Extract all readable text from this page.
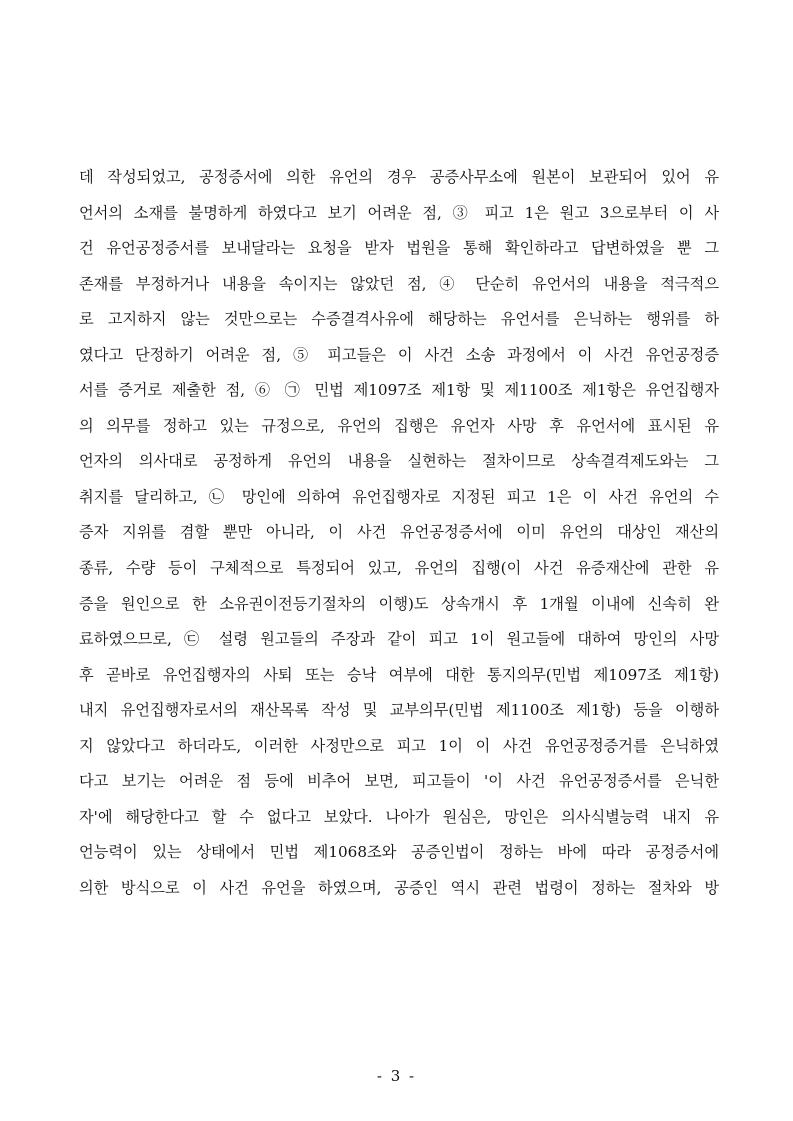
데 작성되었고, 공정증서에 의한 유언의 경우 공증사무소에 원본이 보관되어 있어 유
언서의 소재를 불명하게 하였다고 보기 어려운 점, ③ 피고 1은 원고 3으로부터 이 사
건 유언공정증서를 보내달라는 요청을 받자 법원을 통해 확인하라고 답변하였을 뿐 그
존재를 부정하거나 내용을 속이지는 않았던 점, ④ 단순히 유언서의 내용을 적극적으
로 고지하지 않는 것만으로는 수증결격사유에 해당하는 유언서를 은닉하는 행위를 하
였다고 단정하기 어려운 점, ⑤ 피고들은 이 사건 소송 과정에서 이 사건 유언공정증
서를 증거로 제출한 점, ⑥ ㉠ 민법 제1097조 제1항 및 제1100조 제1항은 유언집행자
의 의무를 정하고 있는 규정으로, 유언의 집행은 유언자 사망 후 유언서에 표시된 유
언자의 의사대로 공정하게 유언의 내용을 실현하는 절차이므로 상속결격제도와는 그
취지를 달리하고, ㉡ 망인에 의하여 유언집행자로 지정된 피고 1은 이 사건 유언의 수
증자 지위를 겸할 뿐만 아니라, 이 사건 유언공정증서에 이미 유언의 대상인 재산의
종류, 수량 등이 구체적으로 특정되어 있고, 유언의 집행(이 사건 유증재산에 관한 유
증을 원인으로 한 소유권이전등기절차의 이행)도 상속개시 후 1개월 이내에 신속히 완
료하였으므로, ㉢ 설령 원고들의 주장과 같이 피고 1이 원고들에 대하여 망인의 사망
후 곧바로 유언집행자의 사퇴 또는 승낙 여부에 대한 통지의무(민법 제1097조 제1항)
내지 유언집행자로서의 재산목록 작성 및 교부의무(민법 제1100조 제1항) 등을 이행하
지 않았다고 하더라도, 이러한 사정만으로 피고 1이 이 사건 유언공정증거를 은닉하였
다고 보기는 어려운 점 등에 비추어 보면, 피고들이 '이 사건 유언공정증서를 은닉한
자'에 해당한다고 할 수 없다고 보았다. 나아가 원심은, 망인은 의사식별능력 내지 유
언능력이 있는 상태에서 민법 제1068조와 공증인법이 정하는 바에 따라 공정증서에
의한 방식으로 이 사건 유언을 하였으며, 공증인 역시 관련 법령이 정하는 절차와 방
- 3 -
